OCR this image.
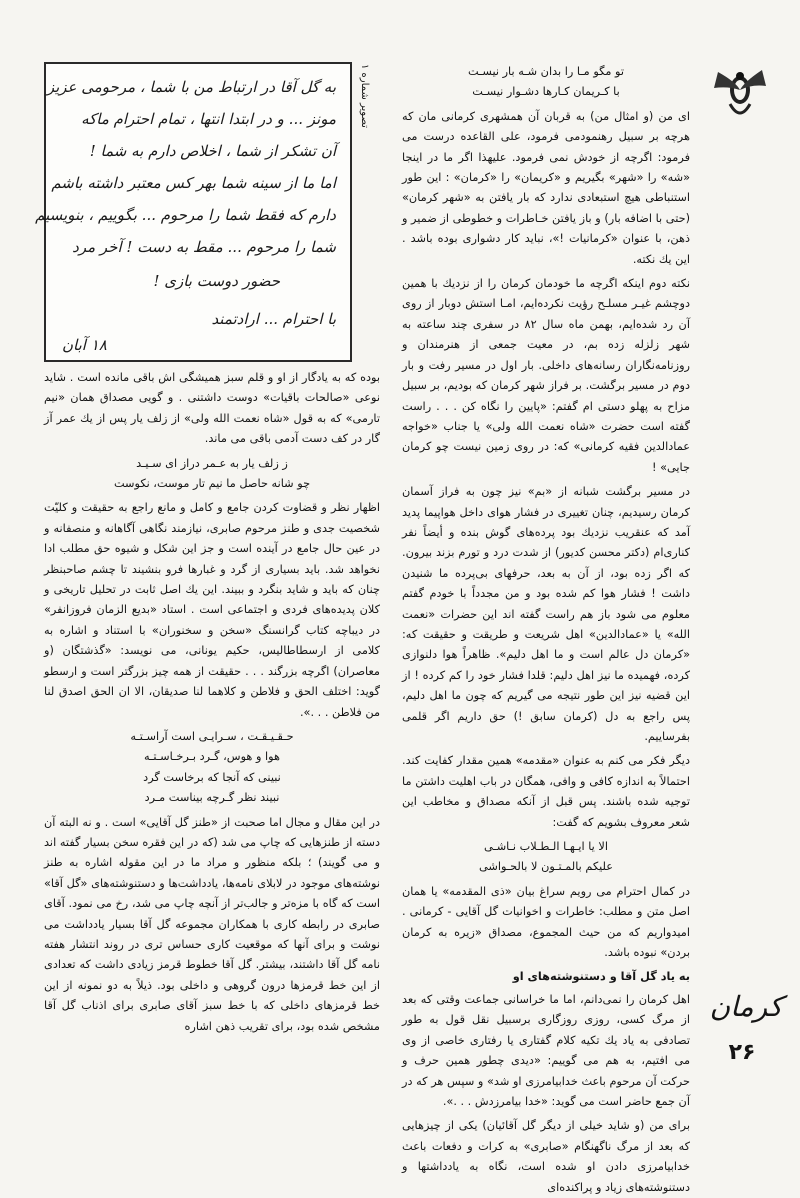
به گل آقا در ارتباط من با شما ، مرحومی عزیز
مونز ... و در ابتدا انتها ، تمام احترام ماکه
آن تشکر از شما ، اخلاص دارم به شما !
اما ما از سینه شما بهر کس معتبر داشته باشم
دارم که فقط شما را مرحوم ... بگوییم ، بنویسیم
شما را مرحوم ... مقط به دست ! آخر مرد
حضور دوست بازی !
با احترام ... ارادتمند
۱۸ آبان
تصویر شماره ۱	تو مگو مـا را بدان شـه بار نیسـت
با کـریمان کـارها دشـوار نیسـت

ای من (و امثال من) به قربان آن همشهری کرمانی مان که هرچه بر سبیل رهنمودمی فرمود، علی القاعده درست می فرمود: اگرچه از خودش نمی فرمود. علیهذا اگر ما در اینجا «شه» را «شهر» بگیریم و «کریمان» را «کرمان» : این طور استنباطی هیچ استبعادی ندارد که بار یافتن به «شهر کرمان» (حتی با اضافه بار) و باز یافتن خـاطرات و خطوطی از ضمیر و ذهن، با عنوان «کرمانیات !»، نباید کار دشواری بوده باشد . این یك نكته.

نکته دوم اینکه اگرچه ما خودمان کرمان را از نزدیك با همین دوچشم غیـر مسلـح رؤیت نکرده‌ایم، امـا استش دوبار از روی آن رد شده‌ایم، بهمن ماه سال ۸۲ در سفری چند ساعته به شهر زلزله زده بم، در معیت جمعی از هنرمندان و روزنامه‌نگاران رسانه‌های داخلی. بار اول در مسیر رفت و بار دوم در مسیر برگشت. بر فراز شهر کرمان که بودیم، بر سبیل مزاح به پهلو دستی ام گفتم: «پایین را نگاه کن . . . راست گفته است حضرت «شاه نعمت الله ولی» یا جناب «خواجه عمادالدین فقیه کرمانی» که: در روی زمین نیست چو کرمان جایی» !

در مسیر برگشت شبانه از «بم» نیز چون به فراز آسمان کرمان رسیدیم، چنان تغییری در فشار هوای داخل هواپیما پدید آمد که عنقریب نزدیك بود پرده‌های گوش بنده و أیضاً نفر کناری‌ام (دکتر محسن کدیور) از شدت درد و تورم بزند بیرون. که اگر زده بود، از آن به بعد، حرفهای بی‌پرده ما شنیدن داشت ! فشار هوا کم شده بود و من مجدداً با خودم گفتم معلوم می شود باز هم راست گفته اند این حضرات «نعمت الله» یا «عمادالدین» اهل شریعت و طریقت و حقیقت که: «کرمان دل عالم است و ما اهل دلیم». ظاهراً هوا دلنوازی کرده، فهمیده ما نیز اهل دلیم: قلدا فشار خود را کم کرده ! از این قضیه نیز این طور نتیجه می گیریم که چون ما اهل دلیم، پس راجع به دل (کرمان سابق !) حق داریم اگر قلمی بفرساییم.

دیگر فکر می کنم به عنوان «مقدمه» همین مقدار کفایت کند. احتمالاً به اندازه کافی و وافی، همگان در باب اهلیت داشتن ما توجیه شده باشند. پس قبل از آنکه مصداق و مخاطب این شعر معروف بشویم که گفت:

الا یا ایـهـا الـطـلاب نـاشـی
علیکم بالمـتـون لا بالحـواشی

در کمال احترام می رویم سراغ بیان «ذی المقدمه» یا همان اصل متن و مطلب: خاطرات و اخوانیات گل آقایی - کرمانی . امیدواریم که من حیث المجموع، مصداق «زیره به کرمان بردن» نبوده باشد.

به یاد گل آقا و دستنوشته‌های او

اهل کرمان را نمی‌دانم، اما ما خراسانی جماعت وقتی که بعد از مرگ کسی، روزی روزگاری برسبیل نقل قول به طور تصادفی به یاد یك تكیه كلام گفتاری یا رفتاری خاصی از وی می افتیم، به هم می گوییم: «دیدی چطور همین حرف و حرکت آن مرحوم باعث خدابیامرزی او شد» و سپس هر که در آن جمع حاضر است می گوید: «خدا بیامرزدش . . .».

برای من (و شاید خیلی از دیگر گل آقائیان) یکی از چیزهایی که بعد از مرگ ناگهنگام «صابری» به کرات و دفعات باعث خدابیامرزی دادن او شده است، نگاه به یادداشتها و دستنوشته‌های زیاد و پراکنده‌ای

بوده که به یادگار از او و قلم سبز همیشگی اش باقی مانده است . شاید نوعی «صالحات باقیات» دوست داشتنی . و گویی مصداق همان «نیم تارمی» که به قول «شاه نعمت الله ولی» از زلف یار پس از یك عمر آز گار در كف دست آدمی باقی می ماند.

ز زلف یار به عـمر دراز ای سـیـد
چو شانه حاصل ما نیم تار موست، نکوست

اظهار نظر و قضاوت کردن جامع و کامل و مانع راجع به حقیقت و کلیّت شخصیت جدی و طنز مرحوم صابری، نیازمند نگاهی آگاهانه و منصفانه و در عین حال جامع در آینده است و جز این شکل و شیوه حق مطلب ادا نخواهد شد. باید بسیاری از گرد و غبارها فرو بنشیند تا چشم صاحبنظر چنان که باید و شاید بنگرد و ببیند. این یك اصل ثابت در تحلیل تاریخی و کلان پدیده‌های فردی و اجتماعی است . استاد «بدیع الزمان فروزانفر» در دیباچه کتاب گرانسنگ «سخن و سخنوران» با استناد و اشاره به کلامی از ارسطاطالیس، حکیم یونانی، می نویسد: «گذشتگان (و معاصران) اگرچه بزرگند . . . حقیقت از همه چیز بزرگتر است و ارسطو گوید: اختلف الحق و فلاطن و کلاهما لنا صدیقان، الا ان الحق اصدق لنا من فلاطن . . .».

حـقـیـقـت ، سـرایـی است آراسـتـه
هوا و هوس، گـرد بـرخـاسـتـه
نبینی که آنجا که برخاست گرد
نبیند نظر گـرچه بیناست مـرد

در این مقال و مجال اما صحبت از «طنز گل آقایی» است . و نه البته آن دسته از طنزهایی که چاپ می شد (که در این فقره سخن بسیار گفته اند و می گویند) ؛ بلکه منظور و مراد ما در این مقوله اشاره به طنز نوشته‌های موجود در لابلای نامه‌ها، یادداشت‌ها و دستنوشته‌های «گل آقا» است که گاه با مزه‌تر و جالب‌تر از آنچه چاپ می شد، رخ می نمود. آقای صابری در رابطه کاری با همکاران مجموعه گل آقا بسیار یادداشت می نوشت و برای آنها که موقعیت کاری حساس تری در روند انتشار هفته نامه گل آقا داشتند، بیشتر. گل آقا خطوط قرمز زیادی داشت که تعدادی از این خط قرمزها درون گروهی و داخلی بود. ذیلاً به دو نمونه از این خط قرمزهای داخلی که با خط سبز آقای صابری برای اذناب گل آقا مشخص شده بود، برای تقریب ذهن اشاره

کرمان
۲۶
